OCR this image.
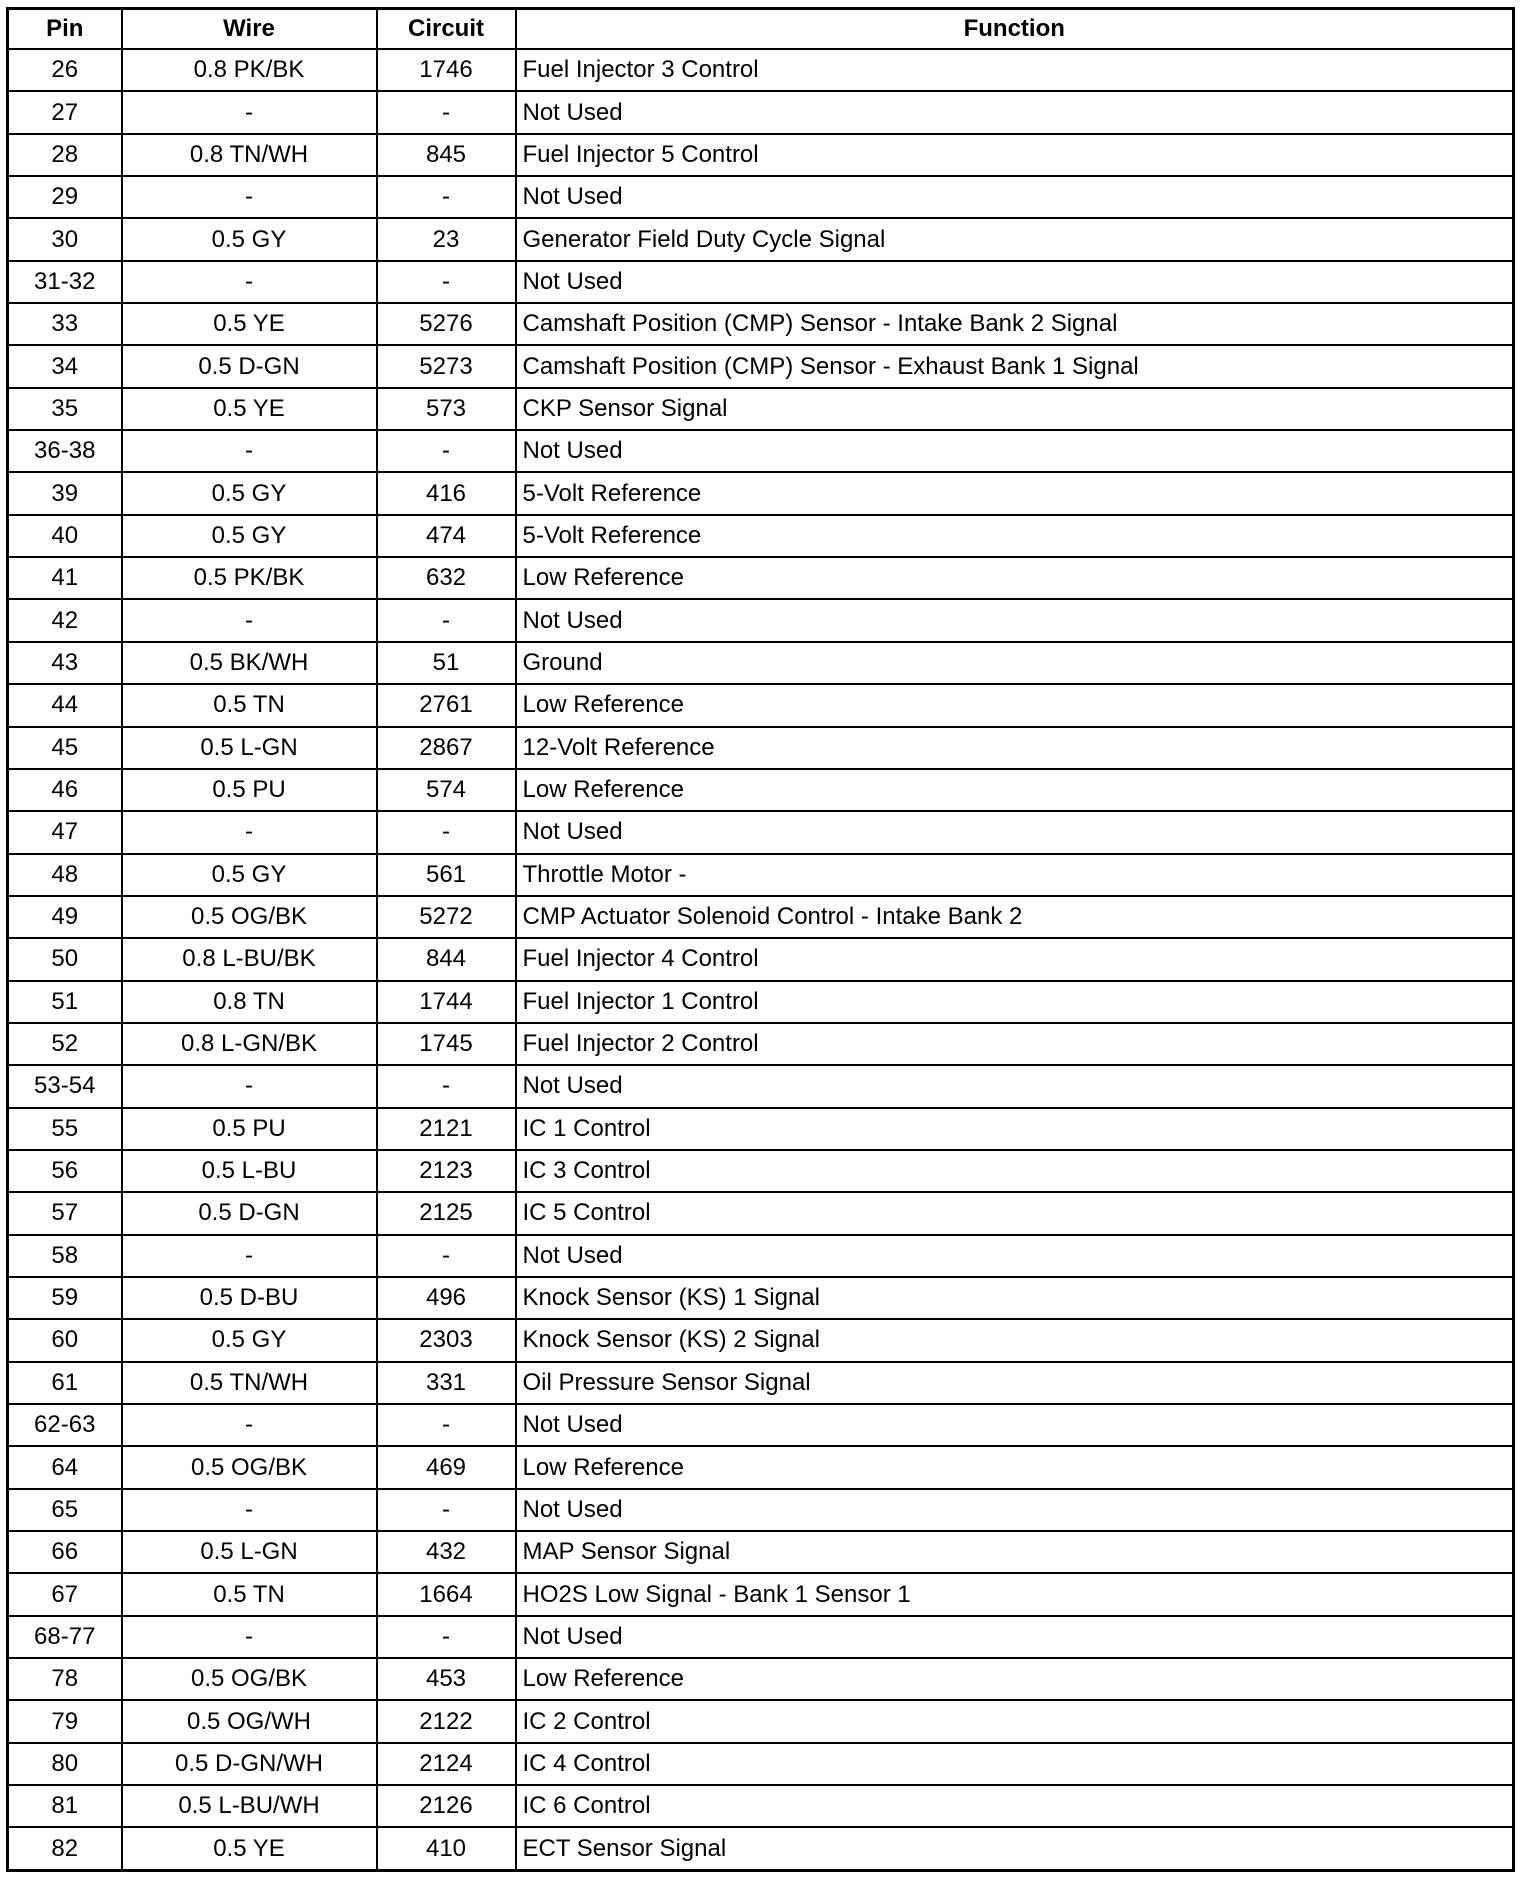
Pin	Wire	Circuit	Function
26	0.8 PK/BK	1746	Fuel Injector 3 Control
27	-	-	Not Used
28	0.8 TN/WH	845	Fuel Injector 5 Control
29	-	-	Not Used
30	0.5 GY	23	Generator Field Duty Cycle Signal
31-32	-	-	Not Used
33	0.5 YE	5276	Camshaft Position (CMP) Sensor - Intake Bank 2 Signal
34	0.5 D-GN	5273	Camshaft Position (CMP) Sensor - Exhaust Bank 1 Signal
35	0.5 YE	573	CKP Sensor Signal
36-38	-	-	Not Used
39	0.5 GY	416	5-Volt Reference
40	0.5 GY	474	5-Volt Reference
41	0.5 PK/BK	632	Low Reference
42	-	-	Not Used
43	0.5 BK/WH	51	Ground
44	0.5 TN	2761	Low Reference
45	0.5 L-GN	2867	12-Volt Reference
46	0.5 PU	574	Low Reference
47	-	-	Not Used
48	0.5 GY	561	Throttle Motor -
49	0.5 OG/BK	5272	CMP Actuator Solenoid Control - Intake Bank 2
50	0.8 L-BU/BK	844	Fuel Injector 4 Control
51	0.8 TN	1744	Fuel Injector 1 Control
52	0.8 L-GN/BK	1745	Fuel Injector 2 Control
53-54	-	-	Not Used
55	0.5 PU	2121	IC 1 Control
56	0.5 L-BU	2123	IC 3 Control
57	0.5 D-GN	2125	IC 5 Control
58	-	-	Not Used
59	0.5 D-BU	496	Knock Sensor (KS) 1 Signal
60	0.5 GY	2303	Knock Sensor (KS) 2 Signal
61	0.5 TN/WH	331	Oil Pressure Sensor Signal
62-63	-	-	Not Used
64	0.5 OG/BK	469	Low Reference
65	-	-	Not Used
66	0.5 L-GN	432	MAP Sensor Signal
67	0.5 TN	1664	HO2S Low Signal - Bank 1 Sensor 1
68-77	-	-	Not Used
78	0.5 OG/BK	453	Low Reference
79	0.5 OG/WH	2122	IC 2 Control
80	0.5 D-GN/WH	2124	IC 4 Control
81	0.5 L-BU/WH	2126	IC 6 Control
82	0.5 YE	410	ECT Sensor Signal
